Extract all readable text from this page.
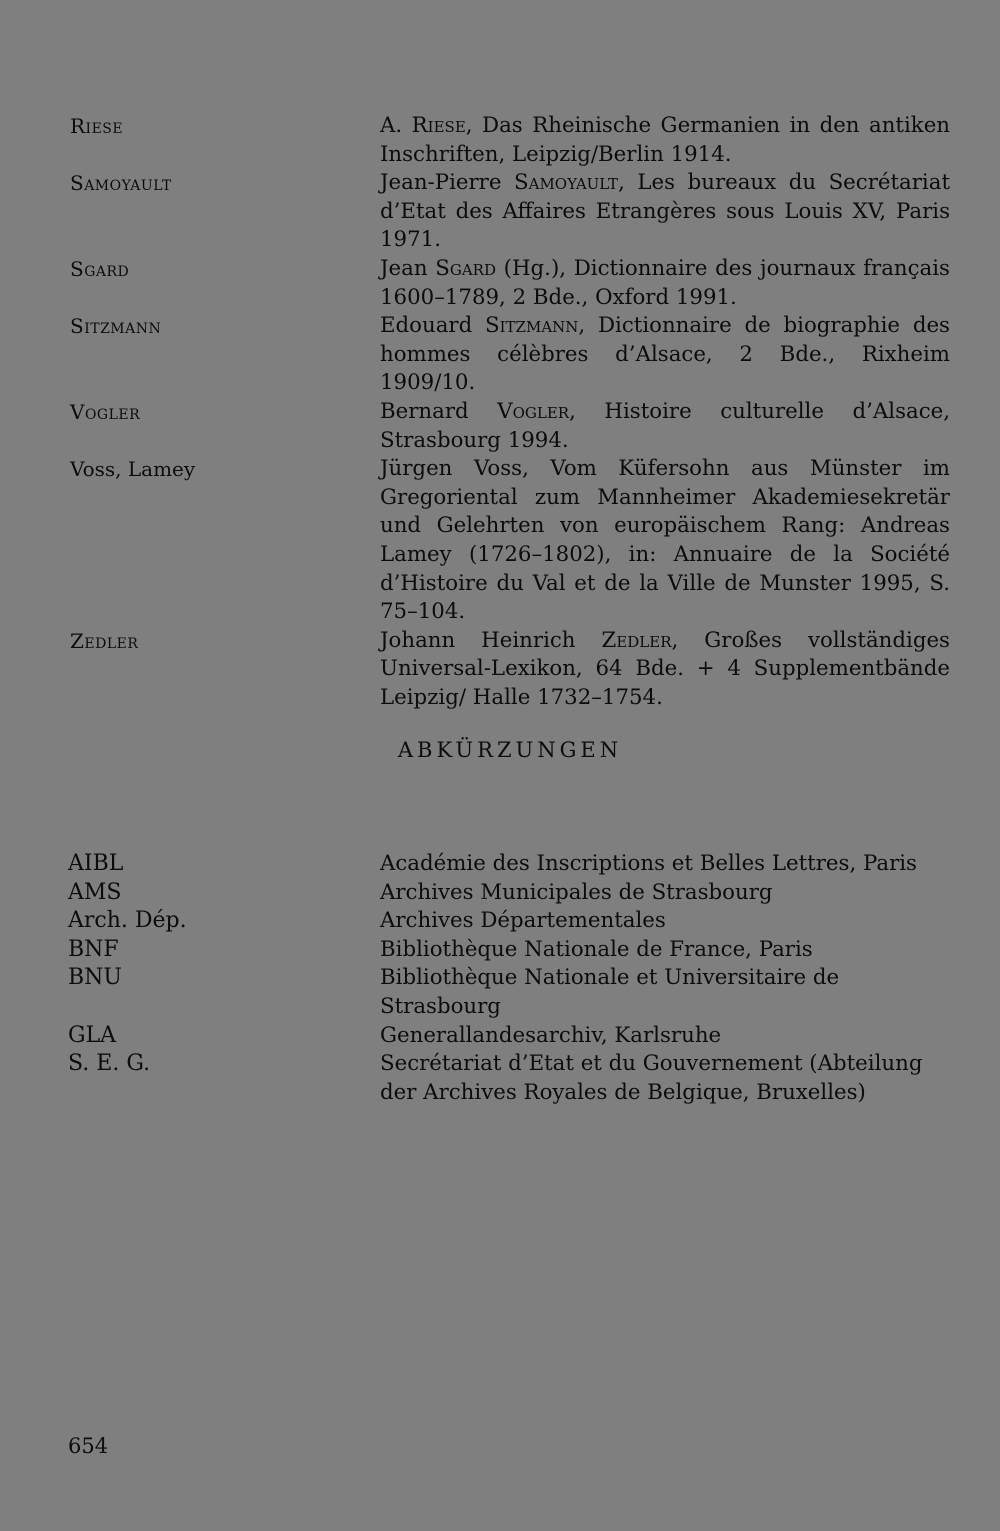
Riese	A. Riese, Das Rheinische Germanien in den antiken Inschriften, Leipzig/Berlin 1914.
Samoyault	Jean-Pierre Samoyault, Les bureaux du Secrétariat d’Etat des Affaires Etrangères sous Louis XV, Paris 1971.
Sgard	Jean Sgard (Hg.), Dictionnaire des journaux français 1600–1789, 2 Bde., Oxford 1991.
Sitzmann	Edouard Sitzmann, Dictionnaire de biographie des hommes célèbres d’Alsace, 2 Bde., Rixheim 1909/10.
Vogler	Bernard Vogler, Histoire culturelle d’Alsace, Strasbourg 1994.
Voss, Lamey	Jürgen Voss, Vom Küfersohn aus Münster im Gregoriental zum Mannheimer Akademiesekretär und Gelehrten von europäischem Rang: Andreas Lamey (1726–1802), in: Annuaire de la Société d’Histoire du Val et de la Ville de Munster 1995, S. 75–104.
Zedler	Johann Heinrich Zedler, Großes vollständiges Universal-Lexikon, 64 Bde. + 4 Supplementbände Leipzig/ Halle 1732–1754.
ABKÜRZUNGEN
AIBL	Académie des Inscriptions et Belles Lettres, Paris
AMS	Archives Municipales de Strasbourg
Arch. Dép.	Archives Départementales
BNF	Bibliothèque Nationale de France, Paris
BNU	Bibliothèque Nationale et Universitaire de Strasbourg
GLA	Generallandesarchiv, Karlsruhe
S. E. G.	Secrétariat d’Etat et du Gouvernement (Abteilung der Archives Royales de Belgique, Bruxelles)
654
